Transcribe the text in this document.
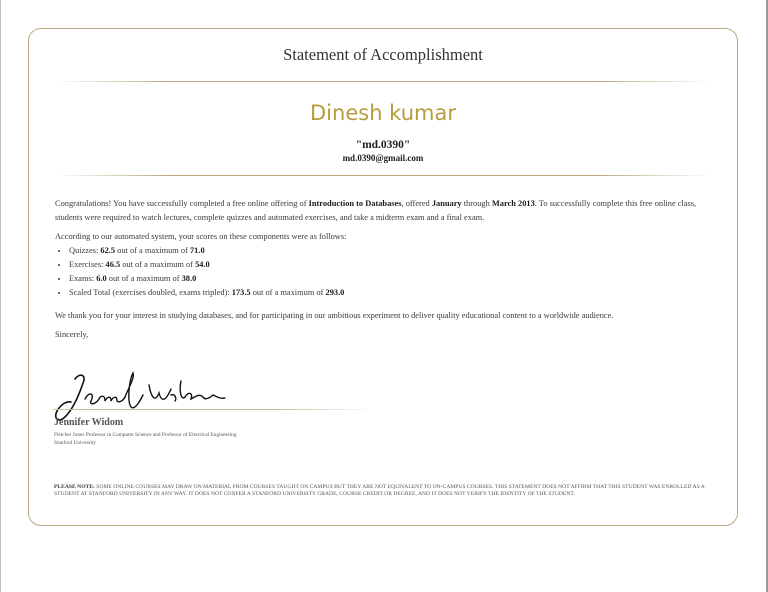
Statement of Accomplishment
Dinesh kumar
"md.0390"
md.0390@gmail.com

Congratulations! You have successfully completed a free online offering of Introduction to Databases, offered January through March 2013. To successfully complete this free online class, students were required to watch lectures, complete quizzes and automated exercises, and take a midterm exam and a final exam.

According to our automated system, your scores on these components were as follows:

• Quizzes: 62.5 out of a maximum of 71.0
• Exercises: 46.5 out of a maximum of 54.0
• Exams: 6.0 out of a maximum of 38.0
• Scaled Total (exercises doubled, exams tripled): 173.5 out of a maximum of 293.0

We thank you for your interest in studying databases, and for participating in our ambitious experiment to deliver quality educational content to a worldwide audience.

Sincerely,

Jennifer Widom
Jennifer Widom
Fletcher Jones Professor in Computer Science and Professor of Electrical Engineering
Stanford University
PLEASE NOTE: SOME ONLINE COURSES MAY DRAW ON MATERIAL FROM COURSES TAUGHT ON CAMPUS BUT THEY ARE NOT EQUIVALENT TO ON-CAMPUS COURSES. THIS STATEMENT DOES NOT AFFIRM THAT THIS STUDENT WAS ENROLLED AS A STUDENT AT STANFORD UNIVERSITY IN ANY WAY. IT DOES NOT CONFER A STANFORD UNIVERSITY GRADE, COURSE CREDIT OR DEGREE, AND IT DOES NOT VERIFY THE IDENTITY OF THE STUDENT.
